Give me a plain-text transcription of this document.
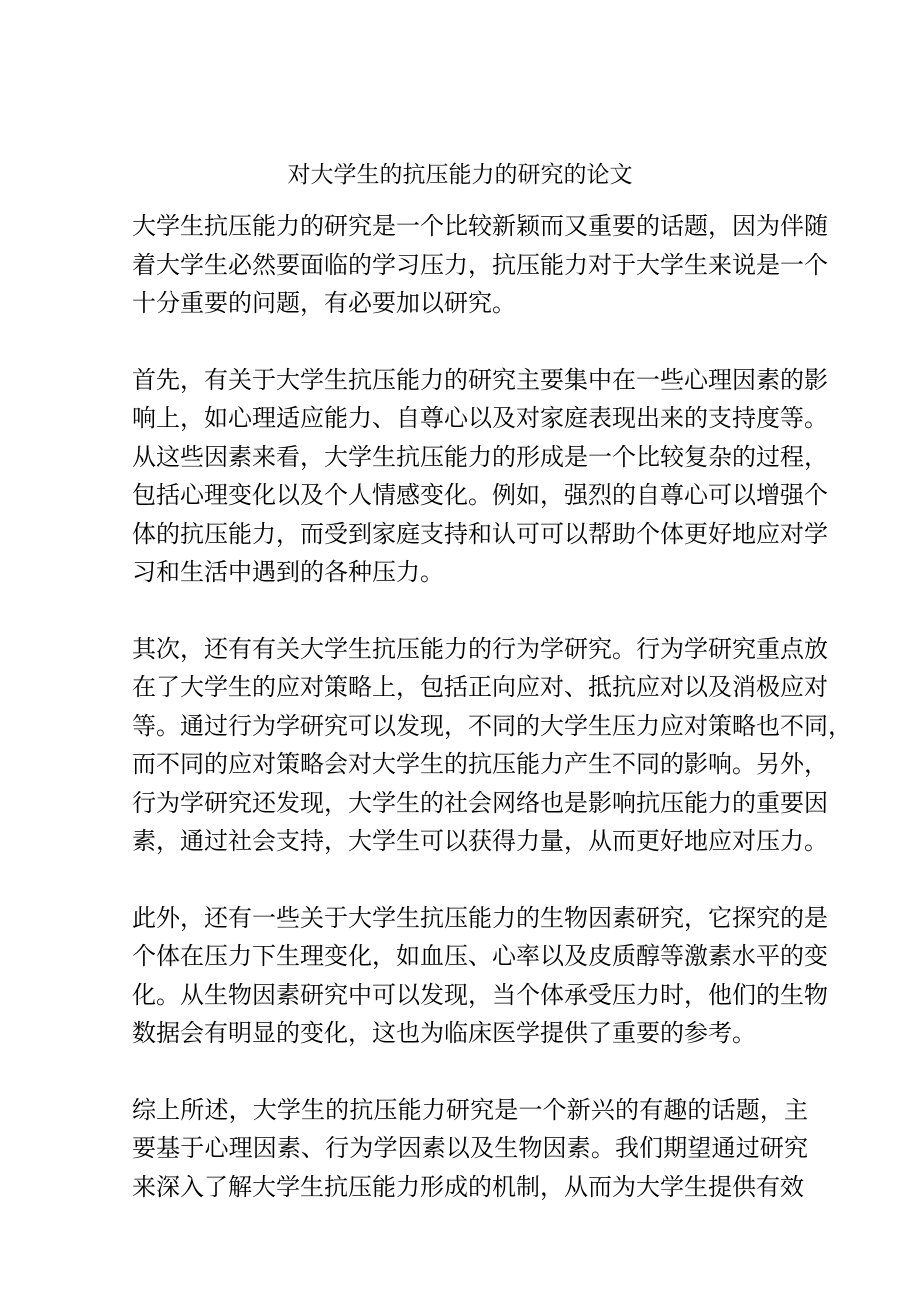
对大学生的抗压能力的研究的论文

大学生抗压能力的研究是一个比较新颖而又重要的话题，因为伴随
着大学生必然要面临的学习压力，抗压能力对于大学生来说是一个
十分重要的问题，有必要加以研究。

首先，有关于大学生抗压能力的研究主要集中在一些心理因素的影
响上，如心理适应能力、自尊心以及对家庭表现出来的支持度等。
从这些因素来看，大学生抗压能力的形成是一个比较复杂的过程，
包括心理变化以及个人情感变化。例如，强烈的自尊心可以增强个
体的抗压能力，而受到家庭支持和认可可以帮助个体更好地应对学
习和生活中遇到的各种压力。

其次，还有有关大学生抗压能力的行为学研究。行为学研究重点放
在了大学生的应对策略上，包括正向应对、抵抗应对以及消极应对
等。通过行为学研究可以发现，不同的大学生压力应对策略也不同，
而不同的应对策略会对大学生的抗压能力产生不同的影响。另外，
行为学研究还发现，大学生的社会网络也是影响抗压能力的重要因
素，通过社会支持，大学生可以获得力量，从而更好地应对压力。

此外，还有一些关于大学生抗压能力的生物因素研究，它探究的是
个体在压力下生理变化，如血压、心率以及皮质醇等激素水平的变
化。从生物因素研究中可以发现，当个体承受压力时，他们的生物
数据会有明显的变化，这也为临床医学提供了重要的参考。

综上所述，大学生的抗压能力研究是一个新兴的有趣的话题，主
要基于心理因素、行为学因素以及生物因素。我们期望通过研究
来深入了解大学生抗压能力形成的机制，从而为大学生提供有效
